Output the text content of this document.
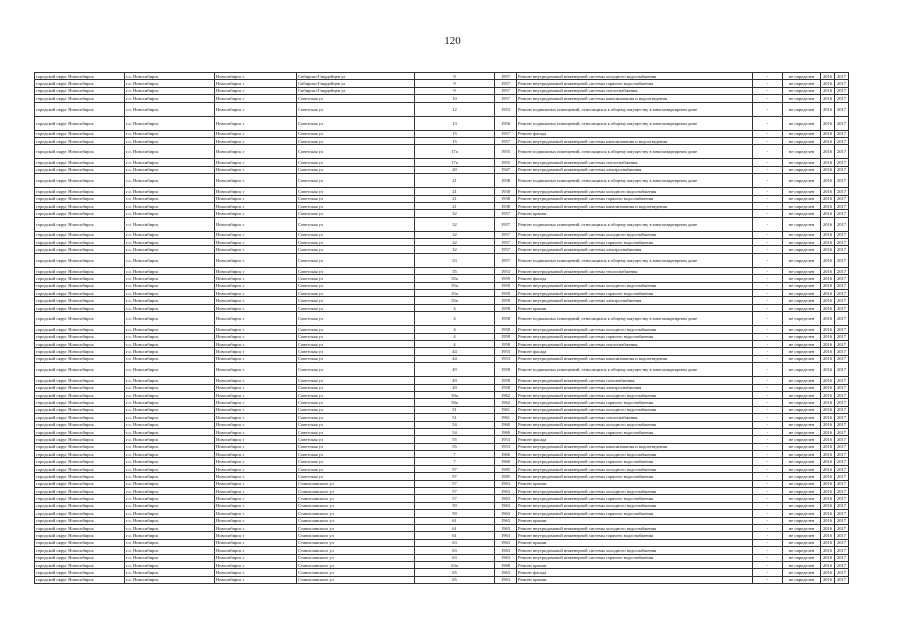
120
городской округ Новосибирск	г.о. Новосибирск	Новосибирск г	Сибирско-Гвардейцев ул	9	1957	Ремонт внутридомовой инженерной системы холодного водоснабжения	-	не определен	2016	2017
городской округ Новосибирск	г.о. Новосибирск	Новосибирск г	Сибирско-Гвардейцев ул	9	1957	Ремонт внутридомовой инженерной системы горячего водоснабжения	-	не определен	2016	2017
городской округ Новосибирск	г.о. Новосибирск	Новосибирск г	Сибирско-Гвардейцев ул	9	1957	Ремонт внутридомовой инженерной системы теплоснабжения	-	не определен	2016	2017
городской округ Новосибирск	г.о. Новосибирск	Новосибирск г	Советская ул	10	1957	Ремонт внутридомовой инженерной системы канализования и водоотведения	-	не определен	2016	2017
городской округ Новосибирск	г.о. Новосибирск	Новосибирск г	Советская ул	12	1953	Ремонт подвальных помещений, относящихся к общему имуществу в многоквартирном доме	-	не определен	2016	2017
городской округ Новосибирск	г.о. Новосибирск	Новосибирск г	Советская ул	13	1956	Ремонт подвальных помещений, относящихся к общему имуществу в многоквартирном доме	-	не определен	2016	2017
городской округ Новосибирск	г.о. Новосибирск	Новосибирск г	Советская ул	15	1957	Ремонт фасада	-	не определен	2016	2017
городской округ Новосибирск	г.о. Новосибирск	Новосибирск г	Советская ул	15	1957	Ремонт внутридомовой инженерной системы канализования и водоотведения	-	не определен	2016	2017
городской округ Новосибирск	г.о. Новосибирск	Новосибирск г	Советская ул	17а	1955	Ремонт подвальных помещений, относящихся к общему имуществу в многоквартирном доме	-	не определен	2016	2017
городской округ Новосибирск	г.о. Новосибирск	Новосибирск г	Советская ул	17а	1955	Ремонт внутридомовой инженерной системы теплоснабжения	-	не определен	2016	2017
городской округ Новосибирск	г.о. Новосибирск	Новосибирск г	Советская ул	20	1947	Ремонт внутридомовой инженерной системы электроснабжения	-	не определен	2016	2017
городской округ Новосибирск	г.о. Новосибирск	Новосибирск г	Советская ул	21	1938	Ремонт подвальных помещений, относящихся к общему имуществу в многоквартирном доме	-	не определен	2016	2017
городской округ Новосибирск	г.о. Новосибирск	Новосибирск г	Советская ул	21	1938	Ремонт внутридомовой инженерной системы холодного водоснабжения	-	не определен	2016	2017
городской округ Новосибирск	г.о. Новосибирск	Новосибирск г	Советская ул	21	1938	Ремонт внутридомовой инженерной системы горячего водоснабжения	-	не определен	2016	2017
городской округ Новосибирск	г.о. Новосибирск	Новосибирск г	Советская ул	21	1938	Ремонт внутридомовой инженерной системы канализования и водоотведения	-	не определен	2016	2017
городской округ Новосибирск	г.о. Новосибирск	Новосибирск г	Советская ул	32	1957	Ремонт крыши	-	не определен	2016	2017
городской округ Новосибирск	г.о. Новосибирск	Новосибирск г	Советская ул	32	1957	Ремонт подвальных помещений, относящихся к общему имуществу в многоквартирном доме	-	не определен	2016	2017
городской округ Новосибирск	г.о. Новосибирск	Новосибирск г	Советская ул	32	1957	Ремонт внутридомовой инженерной системы холодного водоснабжения	-	не определен	2016	2017
городской округ Новосибирск	г.о. Новосибирск	Новосибирск г	Советская ул	32	1957	Ремонт внутридомовой инженерной системы горячего водоснабжения	-	не определен	2016	2017
городской округ Новосибирск	г.о. Новосибирск	Новосибирск г	Советская ул	32	1957	Ремонт внутридомовой инженерной системы электроснабжения	-	не определен	2016	2017
городской округ Новосибирск	г.о. Новосибирск	Новосибирск г	Советская ул	33	1957	Ремонт подвальных помещений, относящихся к общему имуществу в многоквартирном доме	-	не определен	2016	2017
городской округ Новосибирск	г.о. Новосибирск	Новосибирск г	Советская ул	35	1953	Ремонт внутридомовой инженерной системы теплоснабжения	-	не определен	2016	2017
городской округ Новосибирск	г.о. Новосибирск	Новосибирск г	Советская ул	35а	1959	Ремонт фасада	-	не определен	2016	2017
городской округ Новосибирск	г.о. Новосибирск	Новосибирск г	Советская ул	35а	1959	Ремонт внутридомовой инженерной системы холодного водоснабжения	-	не определен	2016	2017
городской округ Новосибирск	г.о. Новосибирск	Новосибирск г	Советская ул	35а	1959	Ремонт внутридомовой инженерной системы горячего водоснабжения	-	не определен	2016	2017
городской округ Новосибирск	г.о. Новосибирск	Новосибирск г	Советская ул	35а	1959	Ремонт внутридомовой инженерной системы электроснабжения	-	не определен	2016	2017
городской округ Новосибирск	г.о. Новосибирск	Новосибирск г	Советская ул	4	1958	Ремонт крыши	-	не определен	2016	2017
городской округ Новосибирск	г.о. Новосибирск	Новосибирск г	Советская ул	4	1958	Ремонт подвальных помещений, относящихся к общему имуществу в многоквартирном доме	-	не определен	2016	2017
городской округ Новосибирск	г.о. Новосибирск	Новосибирск г	Советская ул	4	1958	Ремонт внутридомовой инженерной системы холодного водоснабжения	-	не определен	2016	2017
городской округ Новосибирск	г.о. Новосибирск	Новосибирск г	Советская ул	4	1958	Ремонт внутридомовой инженерной системы горячего водоснабжения	-	не определен	2016	2017
городской округ Новосибирск	г.о. Новосибирск	Новосибирск г	Советская ул	4	1958	Ремонт внутридомовой инженерной системы теплоснабжения	-	не определен	2016	2017
городской округ Новосибирск	г.о. Новосибирск	Новосибирск г	Советская ул	44	1953	Ремонт фасада	-	не определен	2016	2017
городской округ Новосибирск	г.о. Новосибирск	Новосибирск г	Советская ул	44	1953	Ремонт внутридомовой инженерной системы канализования и водоотведения	-	не определен	2016	2017
городской округ Новосибирск	г.о. Новосибирск	Новосибирск г	Советская ул	49	1958	Ремонт подвальных помещений, относящихся к общему имуществу в многоквартирном доме	-	не определен	2016	2017
городской округ Новосибирск	г.о. Новосибирск	Новосибирск г	Советская ул	49	1958	Ремонт внутридомовой инженерной системы газоснабжения	-	не определен	2016	2017
городской округ Новосибирск	г.о. Новосибирск	Новосибирск г	Советская ул	49	1958	Ремонт внутридомовой инженерной системы электроснабжения	-	не определен	2016	2017
городской округ Новосибирск	г.о. Новосибирск	Новосибирск г	Советская ул	50а	1962	Ремонт внутридомовой инженерной системы холодного водоснабжения	-	не определен	2016	2017
городской округ Новосибирск	г.о. Новосибирск	Новосибирск г	Советская ул	50а	1962	Ремонт внутридомовой инженерной системы горячего водоснабжения	-	не определен	2016	2017
городской округ Новосибирск	г.о. Новосибирск	Новосибирск г	Советская ул	51	1961	Ремонт внутридомовой инженерной системы холодного водоснабжения	-	не определен	2016	2017
городской округ Новосибирск	г.о. Новосибирск	Новосибирск г	Советская ул	51	1961	Ремонт внутридомовой инженерной системы теплоснабжения	-	не определен	2016	2017
городской округ Новосибирск	г.о. Новосибирск	Новосибирск г	Советская ул	54	1960	Ремонт внутридомовой инженерной системы холодного водоснабжения	-	не определен	2016	2017
городской округ Новосибирск	г.о. Новосибирск	Новосибирск г	Советская ул	54	1960	Ремонт внутридомовой инженерной системы горячего водоснабжения	-	не определен	2016	2017
городской округ Новосибирск	г.о. Новосибирск	Новосибирск г	Советская ул	55	1953	Ремонт фасада	-	не определен	2016	2017
городской округ Новосибирск	г.о. Новосибирск	Новосибирск г	Советская ул	55	1953	Ремонт внутридомовой инженерной системы канализования и водоотведения	-	не определен	2016	2017
городской округ Новосибирск	г.о. Новосибирск	Новосибирск г	Советская ул	7	1960	Ремонт внутридомовой инженерной системы холодного водоснабжения	-	не определен	2016	2017
городской округ Новосибирск	г.о. Новосибирск	Новосибирск г	Советская ул	7	1960	Ремонт внутридомовой инженерной системы горячего водоснабжения	-	не определен	2016	2017
городской округ Новосибирск	г.о. Новосибирск	Новосибирск г	Советская ул	97	1985	Ремонт внутридомовой инженерной системы холодного водоснабжения	-	не определен	2016	2017
городской округ Новосибирск	г.о. Новосибирск	Новосибирск г	Советская ул	97	1985	Ремонт внутридомовой инженерной системы горячего водоснабжения	-	не определен	2016	2017
городской округ Новосибирск	г.о. Новосибирск	Новосибирск г	Станиславского ул	57	1963	Ремонт крыши	-	не определен	2016	2017
городской округ Новосибирск	г.о. Новосибирск	Новосибирск г	Станиславского ул	57	1963	Ремонт внутридомовой инженерной системы холодного водоснабжения	-	не определен	2016	2017
городской округ Новосибирск	г.о. Новосибирск	Новосибирск г	Станиславского ул	57	1963	Ремонт внутридомовой инженерной системы горячего водоснабжения	-	не определен	2016	2017
городской округ Новосибирск	г.о. Новосибирск	Новосибирск г	Станиславского ул	59	1963	Ремонт внутридомовой инженерной системы холодного водоснабжения	-	не определен	2016	2017
городской округ Новосибирск	г.о. Новосибирск	Новосибирск г	Станиславского ул	59	1963	Ремонт внутридомовой инженерной системы горячего водоснабжения	-	не определен	2016	2017
городской округ Новосибирск	г.о. Новосибирск	Новосибирск г	Станиславского ул	61	1963	Ремонт крыши	-	не определен	2016	2017
городской округ Новосибирск	г.о. Новосибирск	Новосибирск г	Станиславского ул	61	1963	Ремонт внутридомовой инженерной системы холодного водоснабжения	-	не определен	2016	2017
городской округ Новосибирск	г.о. Новосибирск	Новосибирск г	Станиславского ул	61	1963	Ремонт внутридомовой инженерной системы горячего водоснабжения	-	не определен	2016	2017
городской округ Новосибирск	г.о. Новосибирск	Новосибирск г	Станиславского ул	63	1963	Ремонт крыши	-	не определен	2016	2017
городской округ Новосибирск	г.о. Новосибирск	Новосибирск г	Станиславского ул	63	1963	Ремонт внутридомовой инженерной системы холодного водоснабжения	-	не определен	2016	2017
городской округ Новосибирск	г.о. Новосибирск	Новосибирск г	Станиславского ул	63	1963	Ремонт внутридомовой инженерной системы горячего водоснабжения	-	не определен	2016	2017
городской округ Новосибирск	г.о. Новосибирск	Новосибирск г	Станиславского ул	63а	1968	Ремонт крыши	-	не определен	2016	2017
городской округ Новосибирск	г.о. Новосибирск	Новосибирск г	Станиславского ул	65	1963	Ремонт фасада	-	не определен	2016	2017
городской округ Новосибирск	г.о. Новосибирск	Новосибирск г	Станиславского ул	65	1963	Ремонт крыши	-	не определен	2016	2017
